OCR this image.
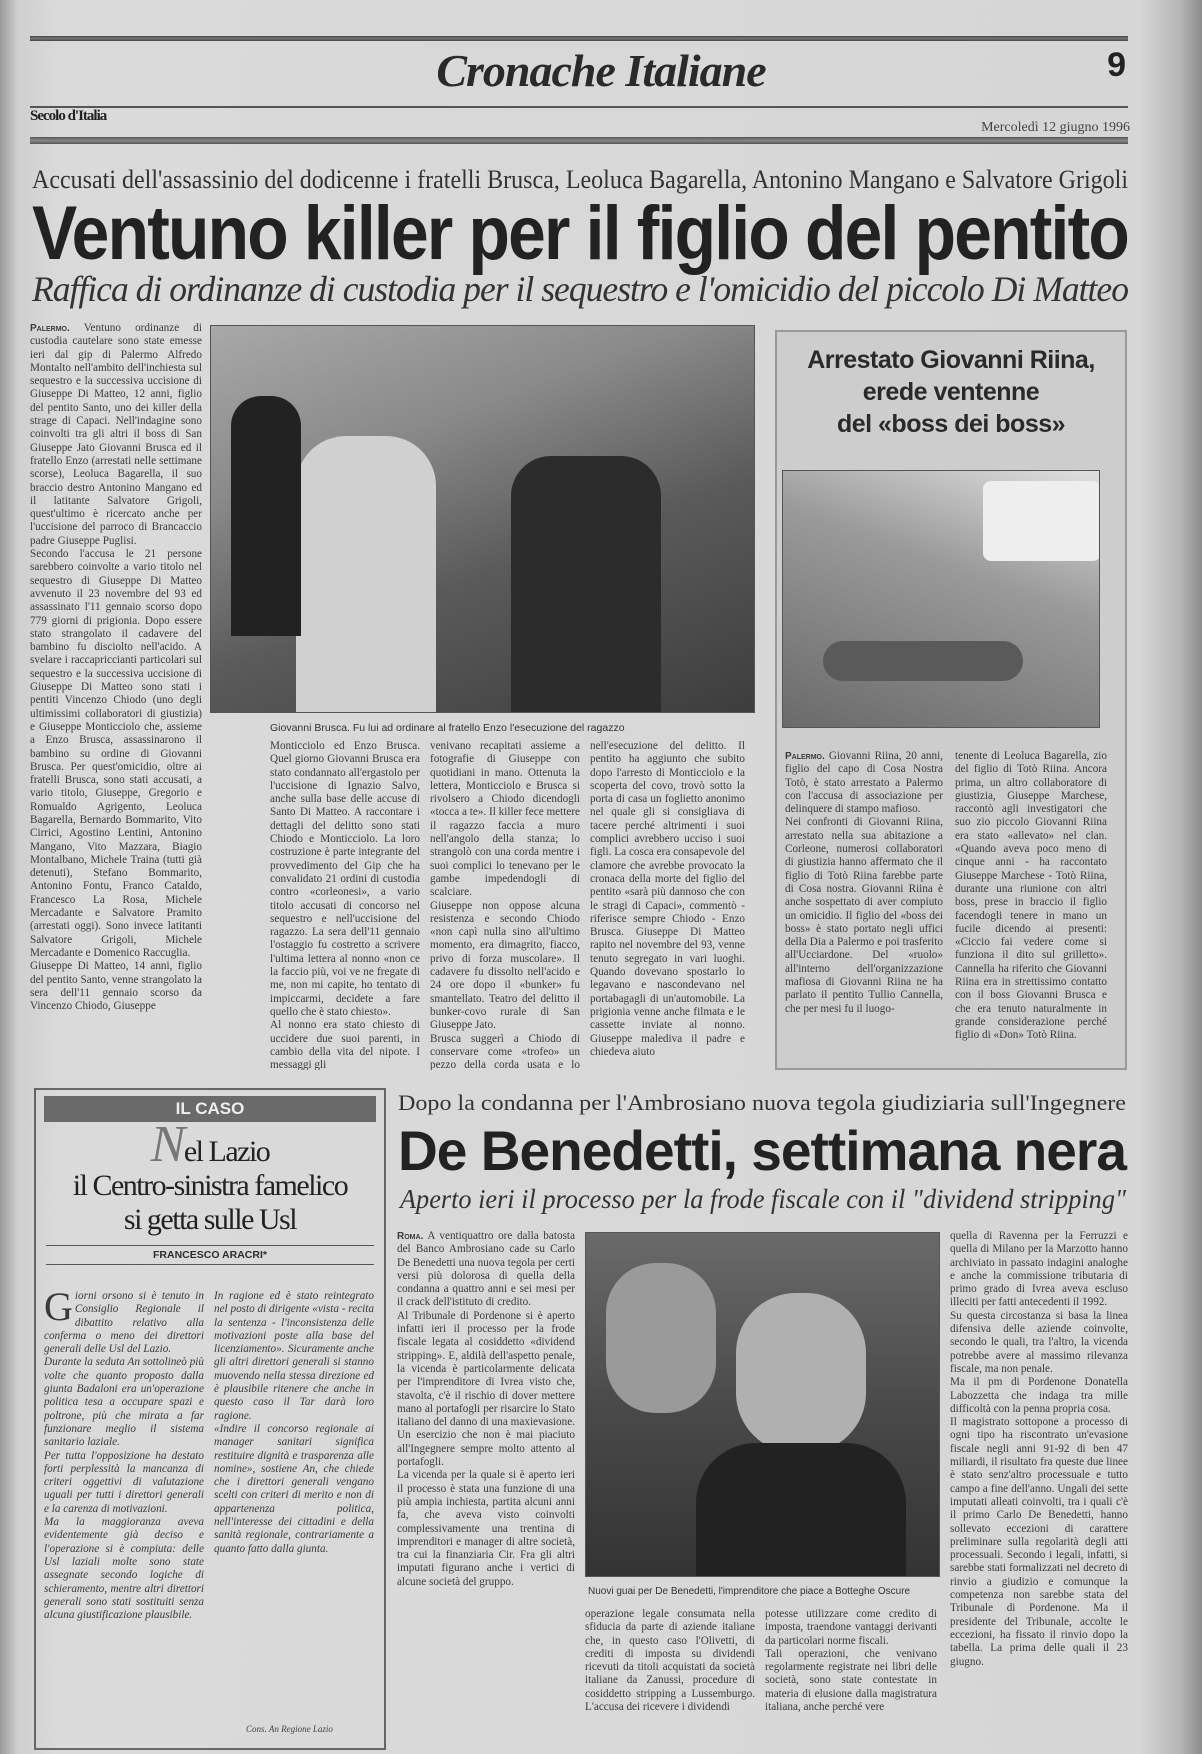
Cronache Italiane	9
Secolo d'Italia
Mercoledì 12 giugno 1996
Accusati dell'assassinio del dodicenne i fratelli Brusca, Leoluca Bagarella, Antonino Mangano e Salvatore Grigoli
Ventuno killer per il figlio del pentito
Raffica di ordinanze di custodia per il sequestro e l'omicidio del piccolo Di Matteo

Palermo. Ventuno ordinanze di custodia cautelare sono state emesse ieri dal gip di Palermo Alfredo Montalto nell'ambito dell'inchiesta sul sequestro e la successiva uccisione di Giuseppe Di Matteo, 12 anni, figlio del pentito Santo, uno dei killer della strage di Capaci. Nell'indagine sono coinvolti tra gli altri il boss di San Giuseppe Jato Giovanni Brusca ed il fratello Enzo (arrestati nelle settimane scorse), Leoluca Bagarella, il suo braccio destro Antonino Mangano ed il latitante Salvatore Grigoli, quest'ultimo è ricercato anche per l'uccisione del parroco di Brancaccio padre Giuseppe Puglisi.
Secondo l'accusa le 21 persone sarebbero coinvolte a vario titolo nel sequestro di Giuseppe Di Matteo avvenuto il 23 novembre del 93 ed assassinato l'11 gennaio scorso dopo 779 giorni di prigionia. Dopo essere stato strangolato il cadavere del bambino fu disciolto nell'acido. A svelare i raccapriccianti particolari sul sequestro e la successiva uccisione di Giuseppe Di Matteo sono stati i pentiti Vincenzo Chiodo (uno degli ultimissimi collaboratori di giustizia) e Giuseppe Monticciolo che, assieme a Enzo Brusca, assassinarono il bambino su ordine di Giovanni Brusca. Per quest'omicidio, oltre ai fratelli Brusca, sono stati accusati, a vario titolo, Giuseppe, Gregorio e Romualdo Agrigento, Leoluca Bagarella, Bernardo Bommarito, Vito Cirrici, Agostino Lentini, Antonino Mangano, Vito Mazzara, Biagio Montalbano, Michele Traina (tutti già detenuti), Stefano Bommarito, Antonino Fontu, Franco Cataldo, Francesco La Rosa, Michele Mercadante e Salvatore Pramito (arrestati oggi). Sono invece latitanti Salvatore Grigoli, Michele Mercadante e Domenico Raccuglia.
Giuseppe Di Matteo, 14 anni, figlio del pentito Santo, venne strangolato la sera dell'11 gennaio scorso da Vincenzo Chiodo, Giuseppe

Giovanni Brusca. Fu lui ad ordinare al fratello Enzo l'esecuzione del ragazzo
Monticciolo ed Enzo Brusca. Quel giorno Giovanni Brusca era stato condannato all'ergastolo per l'uccisione di Ignazio Salvo, anche sulla base delle accuse di Santo Di Matteo. A raccontare i dettagli del delitto sono stati Chiodo e Monticciolo. La loro costruzione è parte integrante del provvedimento del Gip che ha convalidato 21 ordini di custodia contro «corleonesi», a vario titolo accusati di concorso nel sequestro e nell'uccisione del ragazzo. La sera dell'11 gennaio l'ostaggio fu costretto a scrivere l'ultima lettera al nonno «non ce la faccio più, voi ve ne fregate di me, non mi capite, ho tentato di impiccarmi, decidete a fare quello che è stato chiesto».
Al nonno era stato chiesto di uccidere due suoi parenti, in cambio della vita del nipote. I messaggi gli
venivano recapitati assieme a fotografie di Giuseppe con quotidiani in mano. Ottenuta la lettera, Monticciolo e Brusca si rivolsero a Chiodo dicendogli «tocca a te». Il killer fece mettere il ragazzo faccia a muro nell'angolo della stanza; lo strangolò con una corda mentre i suoi complici lo tenevano per le gambe impedendogli di scalciare.
Giuseppe non oppose alcuna resistenza e secondo Chiodo «non capì nulla sino all'ultimo momento, era dimagrito, fiacco, privo di forza muscolare». Il cadavere fu dissolto nell'acido e 24 ore dopo il «bunker» fu smantellato. Teatro del delitto il bunker-covo rurale di San Giuseppe Jato.
Brusca suggerì a Chiodo di conservare come «trofeo» un pezzo della corda usata e lo
nell'esecuzione del delitto. Il pentito ha aggiunto che subito dopo l'arresto di Monticciolo e la scoperta del covo, trovò sotto la porta di casa un foglietto anonimo nel quale gli si consigliava di tacere perché altrimenti i suoi complici avrebbero ucciso i suoi figli. La cosca era consapevole del clamore che avrebbe provocato la cronaca della morte del figlio del pentito «sarà più dannoso che con le stragi di Capaci», commentò - riferisce sempre Chiodo - Enzo Brusca. Giuseppe Di Matteo rapito nel novembre del 93, venne tenuto segregato in vari luoghi. Quando dovevano spostarlo lo legavano e nascondevano nel portabagagli di un'automobile. La prigionia venne anche filmata e le cassette inviate al nonno. Giuseppe malediva il padre e chiedeva aiuto
Arrestato Giovanni Riina,
erede ventenne
del «boss dei boss»

Palermo. Giovanni Riina, 20 anni, figlio del capo di Cosa Nostra Totò, è stato arrestato a Palermo con l'accusa di associazione per delinquere di stampo mafioso.
Nei confronti di Giovanni Riina, arrestato nella sua abitazione a Corleone, numerosi collaboratori di giustizia hanno affermato che il figlio di Totò Riina farebbe parte di Cosa nostra. Giovanni Riina è anche sospettato di aver compiuto un omicidio. Il figlio del «boss dei boss» è stato portato negli uffici della Dia a Palermo e poi trasferito all'Ucciardone. Del «ruolo» all'interno dell'organizzazione mafiosa di Giovanni Riina ne ha parlato il pentito Tullio Cannella, che per mesi fu il luogo-

tenente di Leoluca Bagarella, zio del figlio di Totò Riina. Ancora prima, un altro collaboratore di giustizia, Giuseppe Marchese, raccontò agli investigatori che suo zio piccolo Giovanni Riina era stato «allevato» nel clan. «Quando aveva poco meno di cinque anni - ha raccontato Giuseppe Marchese - Totò Riina, durante una riunione con altri boss, prese in braccio il figlio facendogli tenere in mano un fucile dicendo ai presenti: «Ciccio fai vedere come si funziona il dito sul grilletto». Cannella ha riferito che Giovanni Riina era in strettissimo contatto con il boss Giovanni Brusca e che era tenuto naturalmente in grande considerazione perché figlio di «Don» Totò Riina.
IL CASO
Nel Lazio
il Centro-sinistra famelico
si getta sulle Usl
FRANCESCO ARACRI*
Giorni orsono si è tenuto in Consiglio Regionale il dibattito relativo alla conferma o meno dei direttori generali delle Usl del Lazio.
Durante la seduta An sottolineò più volte che quanto proposto dalla giunta Badaloni era un'operazione politica tesa a occupare spazi e poltrone, più che mirata a far funzionare meglio il sistema sanitario laziale.
Per tutta l'opposizione ha destato forti perplessità la mancanza di criteri oggettivi di valutazione uguali per tutti i direttori generali e la carenza di motivazioni.
Ma la maggioranza aveva evidentemente già deciso e l'operazione si è compiuta: delle Usl laziali molte sono state assegnate secondo logiche di schieramento, mentre altri direttori generali sono stati sostituiti senza alcuna giustificazione plausibile.
In ragione ed è stato reintegrato nel posto di dirigente «vista - recita la sentenza - l'inconsistenza delle motivazioni poste alla base del licenziamento». Sicuramente anche gli altri direttori generali si stanno muovendo nella stessa direzione ed è plausibile ritenere che anche in questo caso il Tar darà loro ragione.
«Indire il concorso regionale ai manager sanitari significa restituire dignità e trasparenza alle nomine», sostiene An, che chiede che i direttori generali vengano scelti con criteri di merito e non di appartenenza politica, nell'interesse dei cittadini e della sanità regionale, contrariamente a quanto fatto dalla giunta.
Cons. An Regione Lazio
Dopo la condanna per l'Ambrosiano nuova tegola giudiziaria sull'Ingegnere
De Benedetti, settimana nera
Aperto ieri il processo per la frode fiscale con il "dividend stripping"

Roma. A ventiquattro ore dalla batosta del Banco Ambrosiano cade su Carlo De Benedetti una nuova tegola per certi versi più dolorosa di quella della condanna a quattro anni e sei mesi per il crack dell'istituto di credito.
Al Tribunale di Pordenone si è aperto infatti ieri il processo per la frode fiscale legata al cosiddetto «dividend stripping». E, aldilà dell'aspetto penale, la vicenda è particolarmente delicata per l'imprenditore di Ivrea visto che, stavolta, c'è il rischio di dover mettere mano al portafogli per risarcire lo Stato italiano del danno di una maxievasione. Un esercizio che non è mai piaciuto all'Ingegnere sempre molto attento al portafogli.
La vicenda per la quale si è aperto ieri il processo è stata una funzione di una più ampia inchiesta, partita alcuni anni fa, che aveva visto coinvolti complessivamente una trentina di imprenditori e manager di altre società, tra cui la finanziaria Cir. Fra gli altri imputati figurano anche i vertici di alcune società del gruppo.

Nuovi guai per De Benedetti, l'imprenditore che piace a Botteghe Oscure
operazione legale consumata nella sfiducia da parte di aziende italiane che, in questo caso l'Olivetti, di crediti di imposta su dividendi ricevuti da titoli acquistati da società italiane da Zanussi, procedure di cosiddetto stripping a Lussemburgo. L'accusa dei ricevere i dividendi
potesse utilizzare come credito di imposta, traendone vantaggi derivanti da particolari norme fiscali.
Tali operazioni, che venivano regolarmente registrate nei libri delle società, sono state contestate in materia di elusione dalla magistratura italiana, anche perché vere
quella di Ravenna per la Ferruzzi e quella di Milano per la Marzotto hanno archiviato in passato indagini analoghe e anche la commissione tributaria di primo grado di Ivrea aveva escluso illeciti per fatti antecedenti il 1992.
Su questa circostanza si basa la linea difensiva delle aziende coinvolte, secondo le quali, tra l'altro, la vicenda potrebbe avere al massimo rilevanza fiscale, ma non penale.
Ma il pm di Pordenone Donatella Labozzetta che indaga tra mille difficoltà con la penna propria cosa.
Il magistrato sottopone a processo di ogni tipo ha riscontrato un'evasione fiscale negli anni 91-92 di ben 47 miliardi, il risultato fra queste due linee è stato senz'altro processuale e tutto campo a fine dell'anno. Ungali dei sette imputati alleati coinvolti, tra i quali c'è il primo Carlo De Benedetti, hanno sollevato eccezioni di carattere preliminare sulla regolarità degli atti processuali. Secondo i legali, infatti, si sarebbe stati formalizzati nel decreto di rinvio a giudizio e comunque la competenza non sarebbe stata del Tribunale di Pordenone. Ma il presidente del Tribunale, accolte le eccezioni, ha fissato il rinvio dopo la tabella. La prima delle quali il 23 giugno.
